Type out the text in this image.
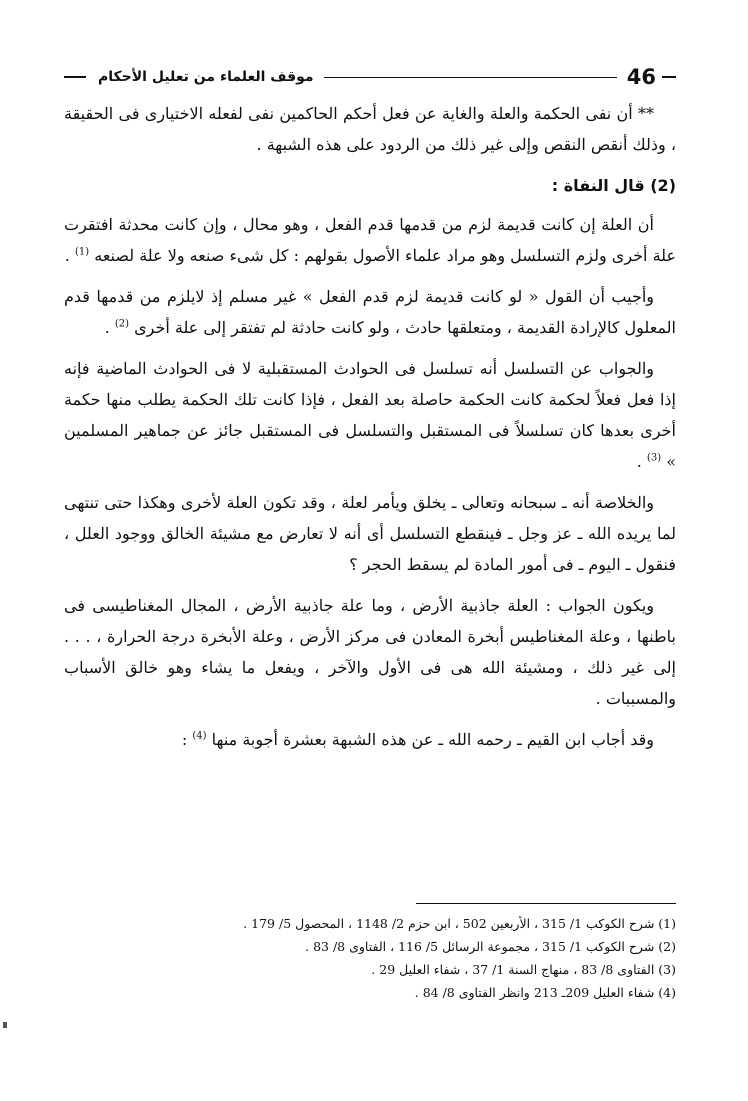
موقف العلماء من تعليل الأحكام	46

** أن نفى الحكمة والعلة والغاية عن فعل أحكم الحاكمين نفى لفعله الاختيارى فى الحقيقة ، وذلك أنقص النقص وإلى غير ذلك من الردود على هذه الشبهة .

(2) قال النفاة :

أن العلة إن كانت قديمة لزم من قدمها قدم الفعل ، وهو محال ، وإن كانت محدثة افتقرت علة أخرى ولزم التسلسل وهو مراد علماء الأصول بقولهم : كل شىء صنعه ولا علة لصنعه $^{(1)}$ .

وأجيب أن القول « لو كانت قديمة لزم قدم الفعل » غير مسلم إذ لايلزم من قدمها قدم المعلول كالإرادة القديمة ، ومتعلقها حادث ، ولو كانت حادثة لم تفتقر إلى علة أخرى $^{(2)}$ .

والجواب عن التسلسل أنه تسلسل فى الحوادث المستقبلية لا فى الحوادث الماضية فإنه إذا فعل فعلاً لحكمة كانت الحكمة حاصلة بعد الفعل ، فإذا كانت تلك الحكمة يطلب منها حكمة أخرى بعدها كان تسلسلاً فى المستقبل والتسلسل فى المستقبل جائز عن جماهير المسلمين » $^{(3)}$ .

والخلاصة أنه ـ سبحانه وتعالى ـ يخلق ويأمر لعلة ، وقد تكون العلة لأخرى وهكذا حتى تنتهى لما يريده الله ـ عز وجل ـ فينقطع التسلسل أى أنه لا تعارض مع مشيئة الخالق ووجود العلل ، فنقول ـ اليوم ـ فى أمور المادة لم يسقط الحجر ؟

ويكون الجواب : العلة جاذبية الأرض ، وما علة جاذبية الأرض ، المجال المغناطيسى فى باطنها ، وعلة المغناطيس أبخرة المعادن فى مركز الأرض ، وعلة الأبخرة درجة الحرارة ، . . . إلى غير ذلك ، ومشيئة الله هى فى الأول والآخر ، ويفعل ما يشاء وهو خالق الأسباب والمسببات .

وقد أجاب ابن القيم ـ رحمه الله ـ عن هذه الشبهة بعشرة أجوبة منها $^{(4)}$ :

(1) شرح الكوكب 1/ 315 ، الأربعين 502 ، ابن حزم 2/ 1148 ، المحصول 5/ 179 .
(2) شرح الكوكب 1/ 315 ، مجموعة الرسائل 5/ 116 ، الفتاوى 8/ 83 .
(3) الفتاوى 8/ 83 ، منهاج السنة 1/ 37 ، شفاء العليل 29 .
(4) شفاء العليل 209ـ 213 وانظر الفتاوى 8/ 84 .
